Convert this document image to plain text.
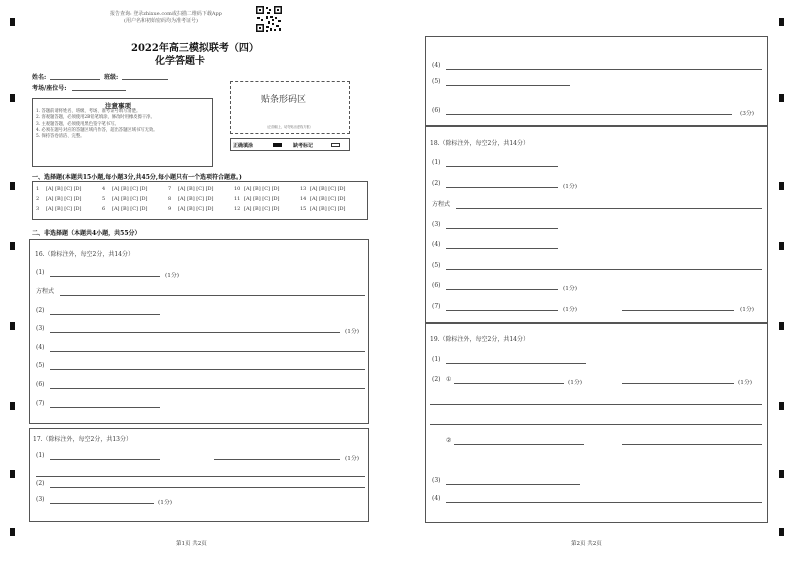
报告查询: 登录zhixue.com或扫描二维码下载App
(用户名和初始密码均为准考证号)
2022年高三模拟联考（四）
化学答题卡
姓名:	班级:
考场/座位号:
注意事项
1. 答题前请将姓名、班级、考场、准考证号填写清楚。
2. 客观题答题，必须使用2B铅笔填涂，修改时用橡皮擦干净。
3. 主观题答题，必须使用黑色签字笔书写。
4. 必须在题号对应的答题区域内作答，超出答题区域书写无效。
5. 保持答卷清洁、完整。
贴条形码区
（正面朝上，切勿贴出虚线方框）
正确填涂	缺考标记
一、选择题(本题共15小题,每小题3分,共45分,每小题只有一个选项符合题意。)
1 [A] [B] [C] [D]	4 [A] [B] [C] [D]	7 [A] [B] [C] [D]	10 [A] [B] [C] [D]	13 [A] [B] [C] [D]
2 [A] [B] [C] [D]	5 [A] [B] [C] [D]	8 [A] [B] [C] [D]	11 [A] [B] [C] [D]	14 [A] [B] [C] [D]
3 [A] [B] [C] [D]	6 [A] [B] [C] [D]	9 [A] [B] [C] [D]	12 [A] [B] [C] [D]	15 [A] [B] [C] [D]
二、非选择题（本题共4小题，共55分）
16.（除标注外，每空2分，共14分）
(1)	(1分)
方程式
(2)
(3)	(1分)
(4)
(5)
(6)
(7)
17.（除标注外，每空2分，共13分）
(1)	(1分)
(2)
(3)	(1分)
第1页 共2页
(4)
(5)
(6)	(3分)
18.（除标注外，每空2分，共14分）
(1)
(2)	(1分)
方程式
(3)
(4)
(5)
(6)	(1分)
(7)	(1分)	(1分)
19.（除标注外，每空2分，共14分）
(1)
(2) ①	(1分)	(1分)
②
(3)
(4)
第2页 共2页
